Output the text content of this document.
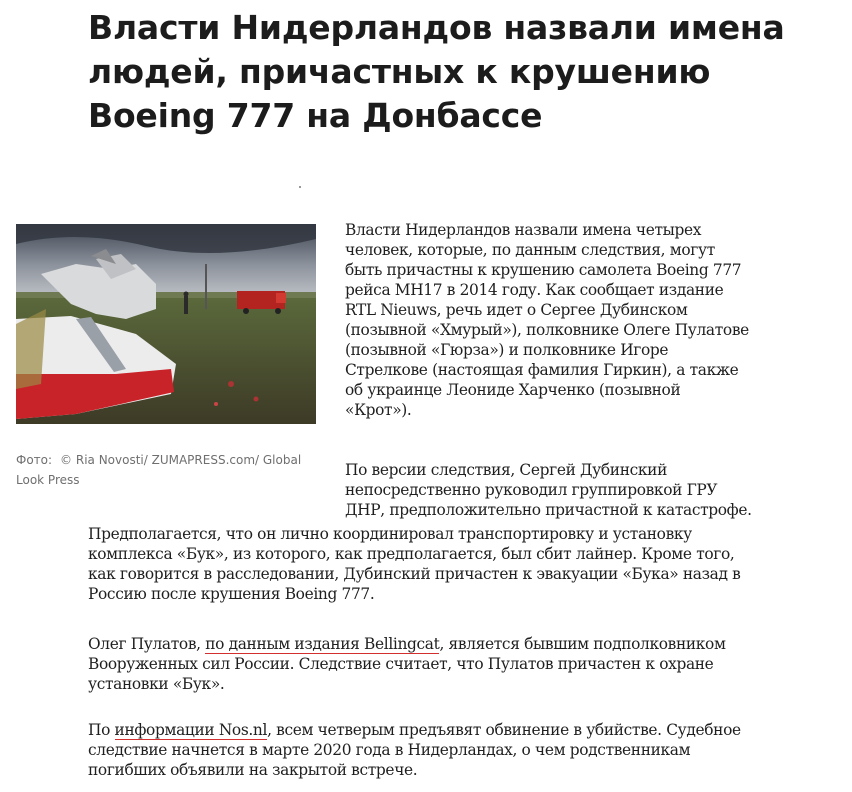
Власти Нидерландов назвали имена
людей, причастных к крушению
Boeing 777 на Донбассе
Фото: © Ria Novosti/ ZUMAPRESS.com/ Global
Look Press

Власти Нидерландов назвали имена четырех
человек, которые, по данным следствия, могут
быть причастны к крушению самолета Boeing 777
рейса MH17 в 2014 году. Как сообщает издание
RTL Nieuws, речь идет о Сергее Дубинском
(позывной «Хмурый»), полковнике Олеге Пулатове
(позывной «Гюрза») и полковнике Игоре
Стрелкове (настоящая фамилия Гиркин), а также
об украинце Леониде Харченко (позывной
«Крот»).

По версии следствия, Сергей Дубинский
непосредственно руководил группировкой ГРУ
ДНР, предположительно причастной к катастрофе.

Предполагается, что он лично координировал транспортировку и установку
комплекса «Бук», из которого, как предполагается, был сбит лайнер. Кроме того,
как говорится в расследовании, Дубинский причастен к эвакуации «Бука» назад в
Россию после крушения Boeing 777.

Олег Пулатов, по данным издания Bellingcat, является бывшим подполковником
Вооруженных сил России. Следствие считает, что Пулатов причастен к охране
установки «Бук».

По информации Nos.nl, всем четверым предъявят обвинение в убийстве. Судебное
следствие начнется в марте 2020 года в Нидерландах, о чем родственникам
погибших объявили на закрытой встрече.
